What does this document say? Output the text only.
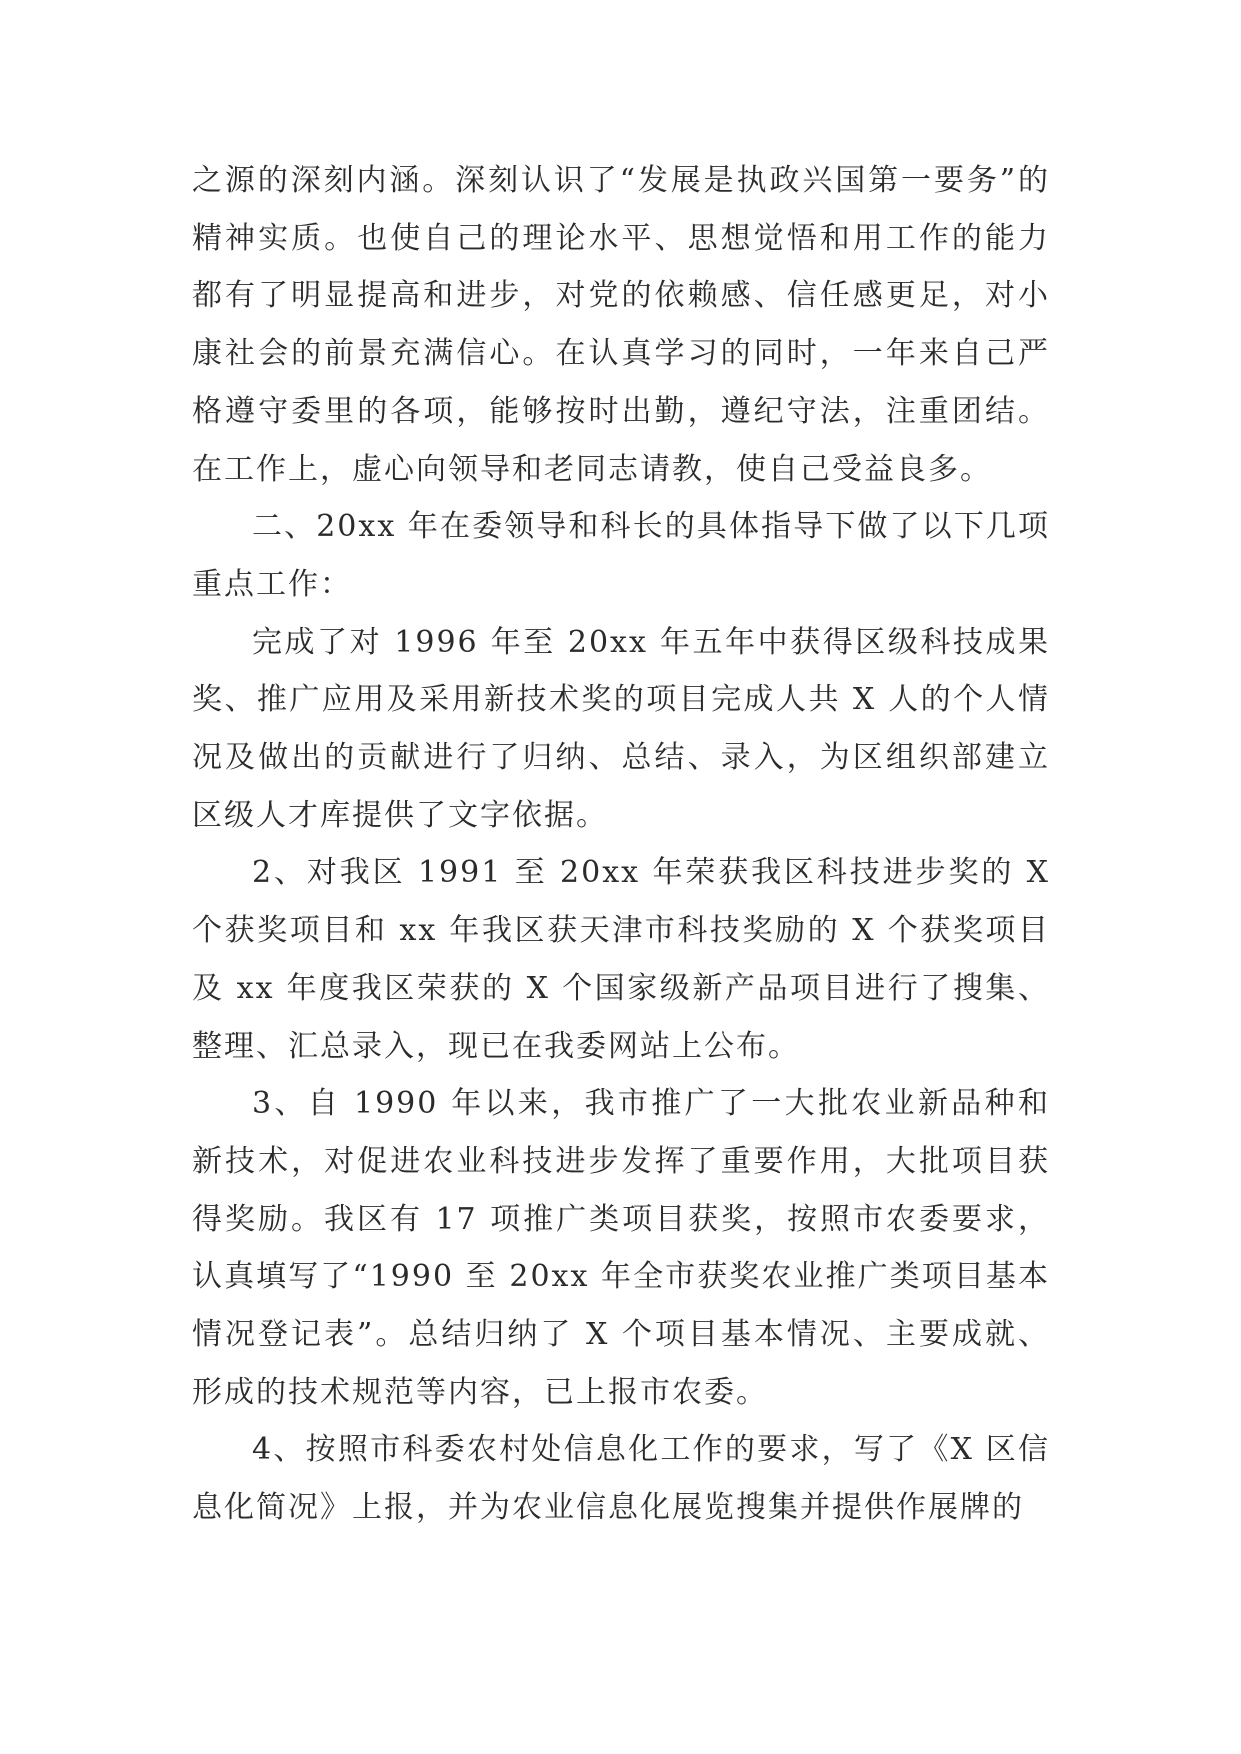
之源的深刻内涵。深刻认识了“发展是执政兴国第一要务”的精神实质。也使自己的理论水平、思想觉悟和用工作的能力都有了明显提高和进步，对党的依赖感、信任感更足，对小康社会的前景充满信心。在认真学习的同时，一年来自己严格遵守委里的各项，能够按时出勤，遵纪守法，注重团结。在工作上，虚心向领导和老同志请教，使自己受益良多。

二、20xx 年在委领导和科长的具体指导下做了以下几项重点工作：

完成了对 1996 年至 20xx 年五年中获得区级科技成果奖、推广应用及采用新技术奖的项目完成人共 X 人的个人情况及做出的贡献进行了归纳、总结、录入，为区组织部建立区级人才库提供了文字依据。

2、对我区 1991 至 20xx 年荣获我区科技进步奖的 X 个获奖项目和 xx 年我区获天津市科技奖励的 X 个获奖项目及 xx 年度我区荣获的 X 个国家级新产品项目进行了搜集、整理、汇总录入，现已在我委网站上公布。

3、自 1990 年以来，我市推广了一大批农业新品种和新技术，对促进农业科技进步发挥了重要作用，大批项目获得奖励。我区有 17 项推广类项目获奖，按照市农委要求，认真填写了“1990 至 20xx 年全市获奖农业推广类项目基本情况登记表”。总结归纳了 X 个项目基本情况、主要成就、形成的技术规范等内容，已上报市农委。

4、按照市科委农村处信息化工作的要求，写了《X 区信息化简况》上报，并为农业信息化展览搜集并提供作展牌的
